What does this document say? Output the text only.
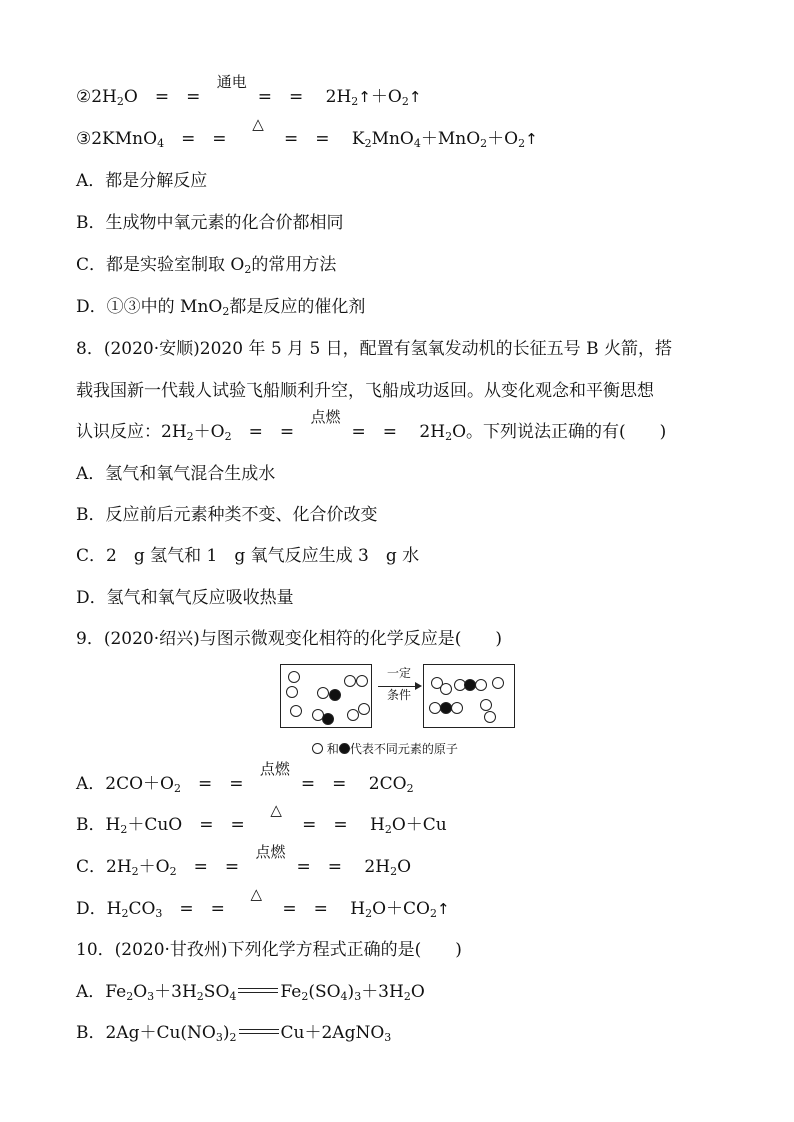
$②2H_2O$　=　=
通电
=　=　 $2H_2↑+O_2↑$
③2KMnO$_4$　 =　=
△
=　=　 $K_2MnO_4+MnO_2+O_2↑$
A．都是分解反应
B．生成物中氧元素的化合价都相同
C．都是实验室制取 $O_2$的常用方法
D．①③中的 MnO$_2$都是反应的催化剂
8．(2020·安顺)2020 年 5 月 5 日，配置有氢氧发动机的长征五号 B 火箭，搭
载我国新一代载人试验飞船顺利升空，飞船成功返回。从变化观念和平衡思想
认识反应：$2H_2+O_2$　 =　=
点燃
=　=　 $2H_2O$。下列说法正确的有( )
A．氢气和氧气混合生成水
B．反应前后元素种类不变、化合价改变
C．2　g 氢气和 1　g 氧气反应生成 3　g 水
D．氢气和氧气反应吸收热量
9．(2020·绍兴)与图示微观变化相符的化学反应是( )
一定
条件
和 代表不同元素的原子
A．$2CO+O_2$　 =　=
点燃
=　=　 $2CO_2$
B．$H_2+CuO$　=　=
△
=　=　 $H_2O+Cu$
C．$2H_2+O_2$　 =　=
点燃
=　=　 $2H_2O$
D．$H_2CO_3$　 =　=
△
=　=　 $H_2O+CO_2↑$
10．(2020·甘孜州)下列化学方程式正确的是( )
A．$Fe_2O_3+3H_2SO_4$	$Fe_2(SO_4)_3+3H_2O$
B．$2Ag+Cu(NO_3)_2$	Cu＋2AgNO$_3$
